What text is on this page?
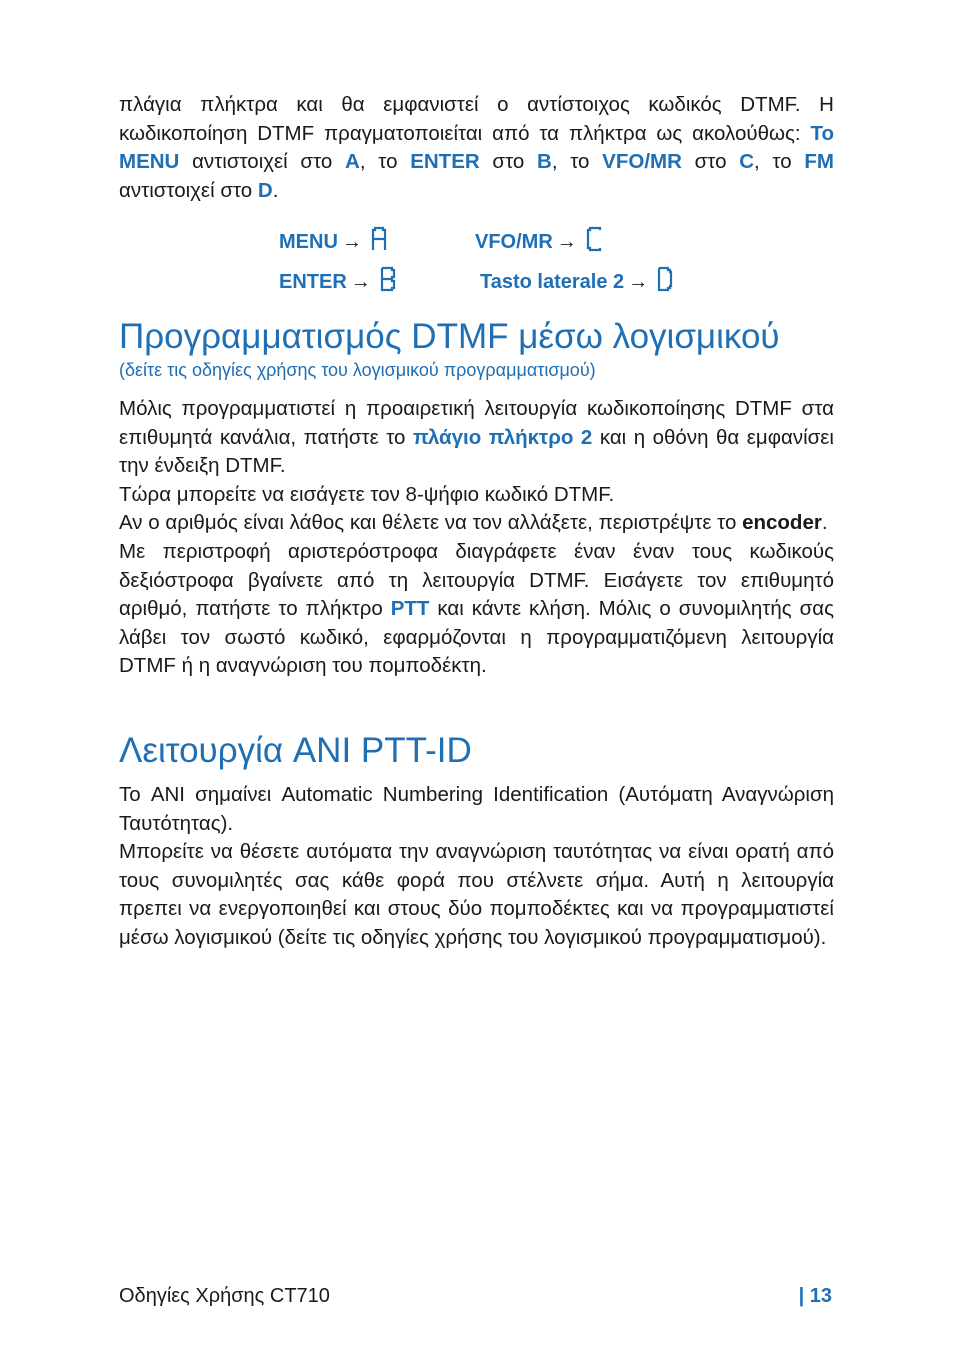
πλάγια πλήκτρα και θα εμφανιστεί ο αντίστοιχος κωδικός DTMF. Η κωδικοποίηση DTMF πραγματοποιείται από τα πλήκτρα ως ακολούθως: Το MENU αντιστοιχεί στο A, το ENTER στο B, το VFO/MR στο C, το FM αντιστοιχεί στο D.

MENU →	VFO/MR →
ENTER →	Tasto laterale 2 →
Προγραμματισμός DTMF μέσω λογισμικού

(δείτε τις οδηγίες χρήσης του λογισμικού προγραμματισμού)

Μόλις προγραμματιστεί η προαιρετική λειτουργία κωδικοποίησης DTMF στα επιθυμητά κανάλια, πατήστε το πλάγιο πλήκτρο 2 και η οθόνη θα εμφανίσει την ένδειξη DTMF.

Τώρα μπορείτε να εισάγετε τον 8-ψήφιο κωδικό DTMF.

Αν ο αριθμός είναι λάθος και θέλετε να τον αλλάξετε, περιστρέψτε το encoder.

Με περιστροφή αριστερόστροφα διαγράφετε έναν έναν τους κωδικούς δεξιόστροφα βγαίνετε από τη λειτουργία DTMF. Εισάγετε τον επιθυμητό αριθμό, πατήστε το πλήκτρο PTT και κάντε κλήση. Μόλις ο συνομιλητής σας λάβει τον σωστό κωδικό, εφαρμόζονται η προγραμματιζόμενη λειτουργία DTMF ή η αναγνώριση του πομποδέκτη.

Λειτουργία ANI PTT-ID

Το ANI σημαίνει Automatic Numbering Identification (Αυτόματη Αναγνώριση Ταυτότητας).

Μπορείτε να θέσετε αυτόματα την αναγνώριση ταυτότητας να είναι ορατή από τους συνομιλητές σας κάθε φορά που στέλνετε σήμα. Αυτή η λειτουργία πρεπει να ενεργοποιηθεί και στους δύο πομποδέκτες και να προγραμματιστεί μέσω λογισμικού (δείτε τις οδηγίες χρήσης του λογισμικού προγραμματισμού).

Οδηγίες Χρήσης CT710	| 13
